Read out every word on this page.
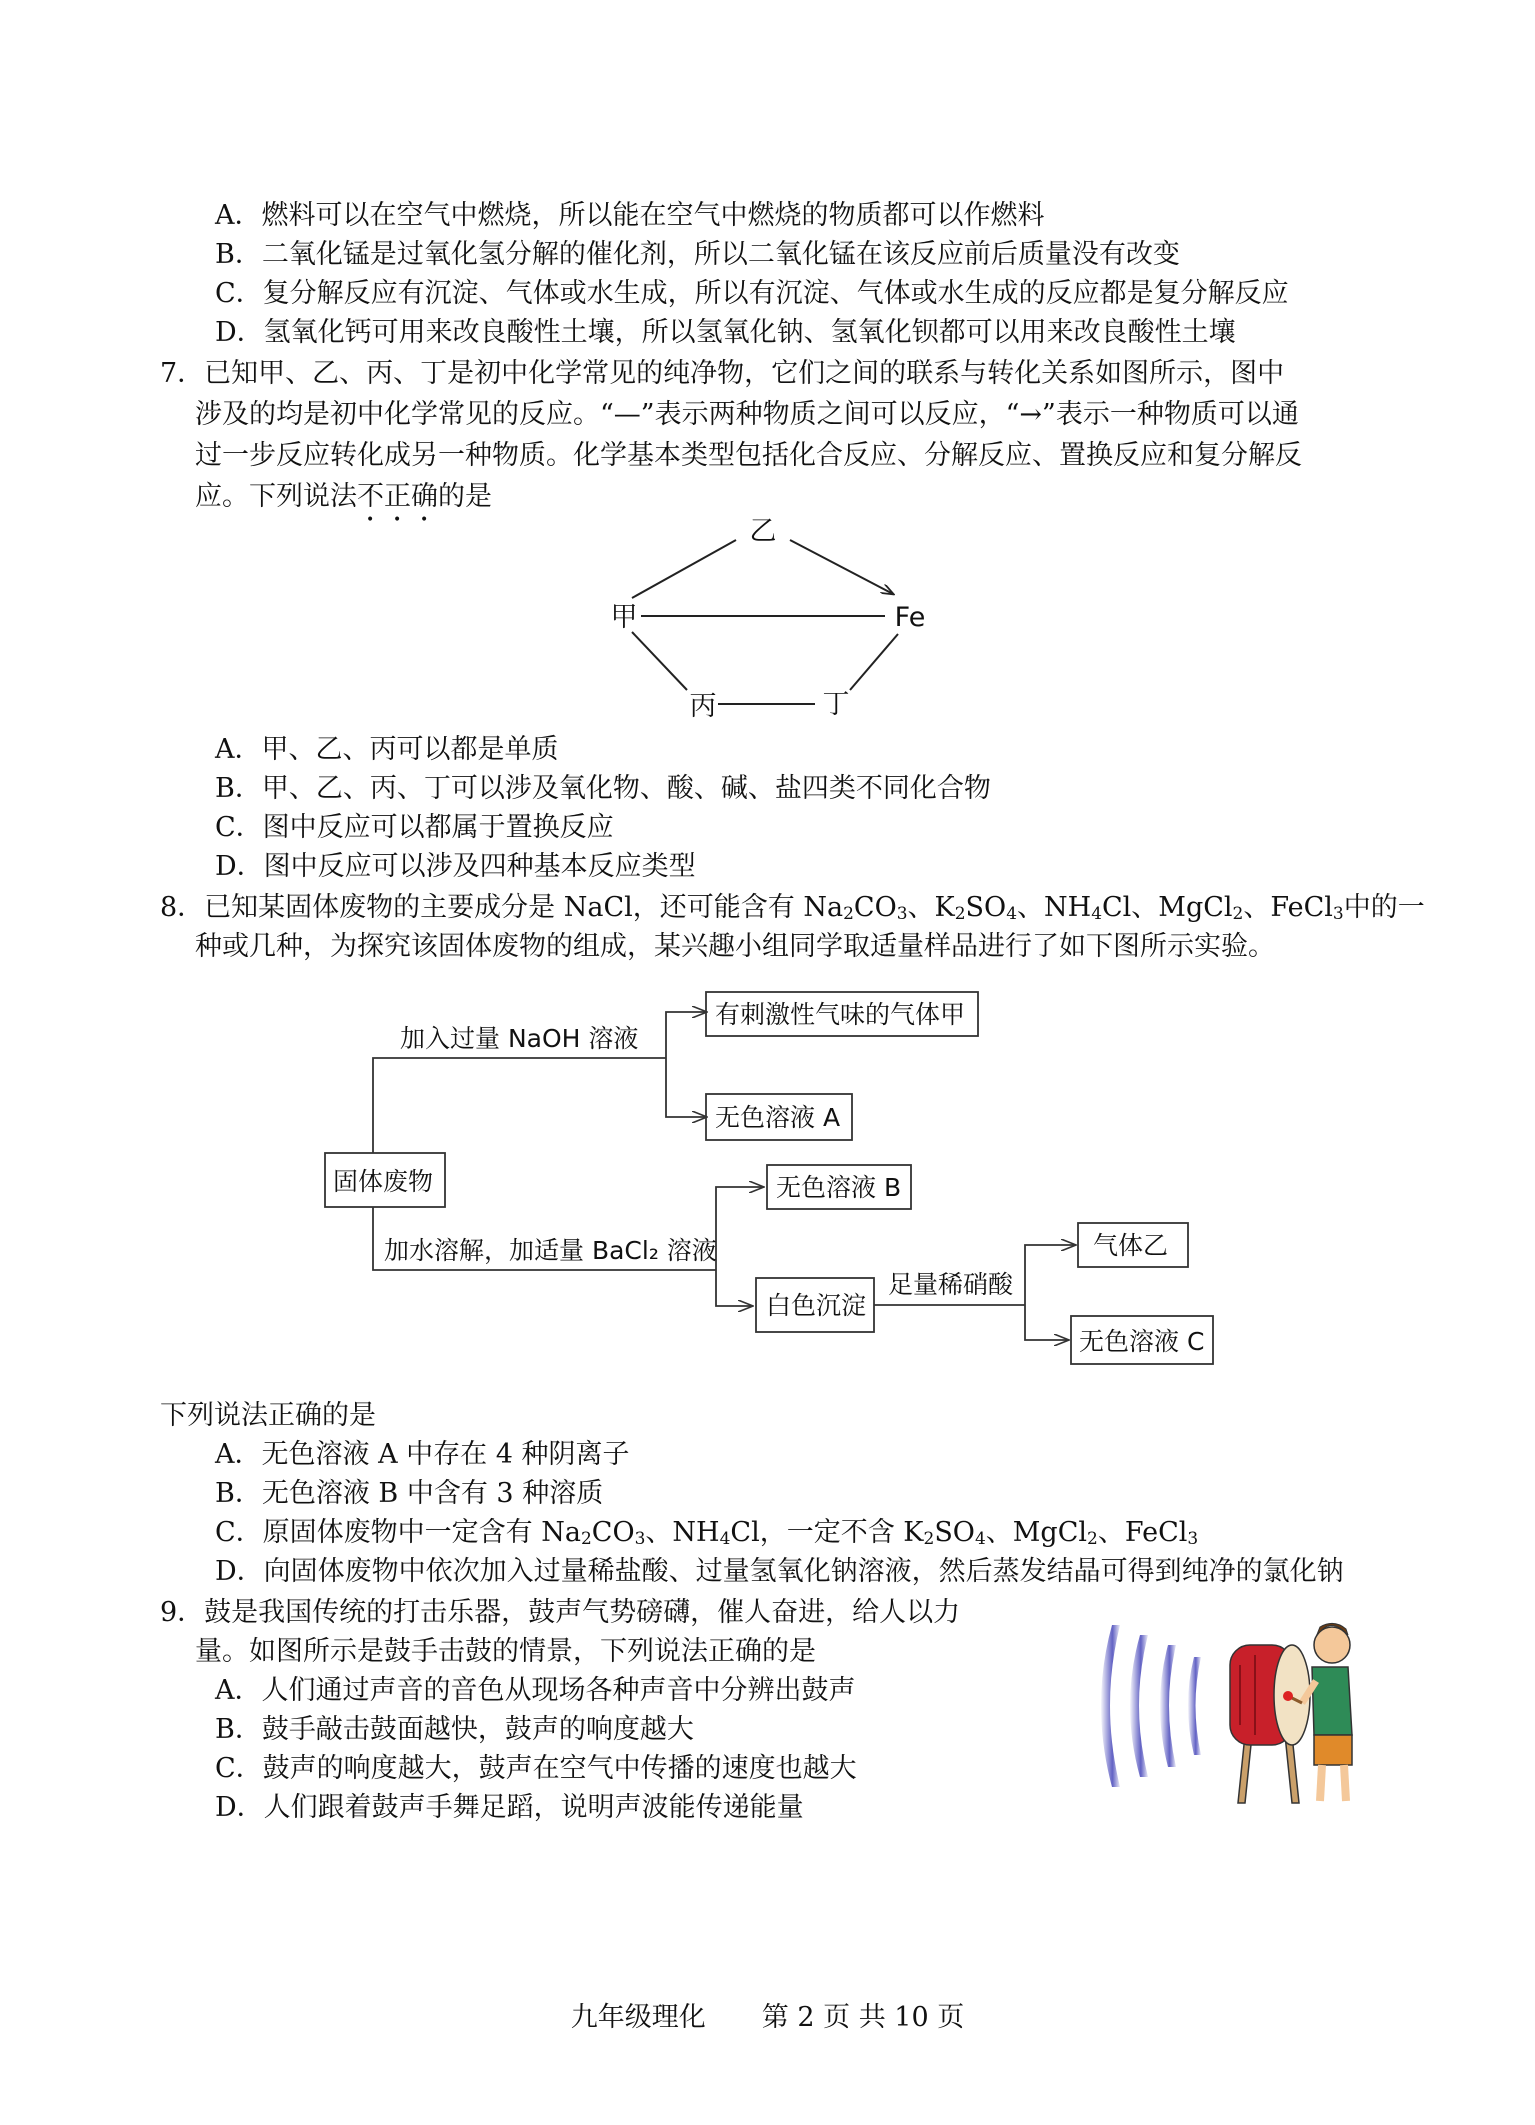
A．燃料可以在空气中燃烧，所以能在空气中燃烧的物质都可以作燃料
B．二氧化锰是过氧化氢分解的催化剂，所以二氧化锰在该反应前后质量没有改变
C．复分解反应有沉淀、气体或水生成，所以有沉淀、气体或水生成的反应都是复分解反应
D．氢氧化钙可用来改良酸性土壤，所以氢氧化钠、氢氧化钡都可以用来改良酸性土壤
7．已知甲、乙、丙、丁是初中化学常见的纯净物，它们之间的联系与转化关系如图所示，图中
涉及的均是初中化学常见的反应。“—”表示两种物质之间可以反应，“→”表示一种物质可以通
过一步反应转化成另一种物质。化学基本类型包括化合反应、分解反应、置换反应和复分解反
应。下列说法不正确的是
乙
甲	Fe
丙	丁
固体废物
加入过量 NaOH 溶液
有刺激性气味的气体甲
无色溶液 A
加水溶解，加适量 BaCl₂ 溶液
无色溶液 B
白色沉淀
足量稀硝酸
气体乙
无色溶液 C
A．甲、乙、丙可以都是单质
B．甲、乙、丙、丁可以涉及氧化物、酸、碱、盐四类不同化合物
C．图中反应可以都属于置换反应
D．图中反应可以涉及四种基本反应类型
8．已知某固体废物的主要成分是 NaCl，还可能含有 $Na_2CO_3$、$K_2SO_4$、$NH_4Cl$、MgCl$_2$、FeCl$_3$中的一
种或几种，为探究该固体废物的组成，某兴趣小组同学取适量样品进行了如下图所示实验。
下列说法正确的是
A．无色溶液 A 中存在 4 种阴离子
B．无色溶液 B 中含有 3 种溶质
C．原固体废物中一定含有 $Na_2CO_3$、$NH_4Cl$，一定不含 $K_2SO_4$、MgCl$_2$、FeCl$_3$
D．向固体废物中依次加入过量稀盐酸、过量氢氧化钠溶液，然后蒸发结晶可得到纯净的氯化钠
9．鼓是我国传统的打击乐器，鼓声气势磅礴，催人奋进，给人以力
量。如图所示是鼓手击鼓的情景，下列说法正确的是
A．人们通过声音的音色从现场各种声音中分辨出鼓声
B．鼓手敲击鼓面越快，鼓声的响度越大
C．鼓声的响度越大，鼓声在空气中传播的速度也越大
D．人们跟着鼓声手舞足蹈，说明声波能传递能量
九年级理化 第 2 页 共 10 页
